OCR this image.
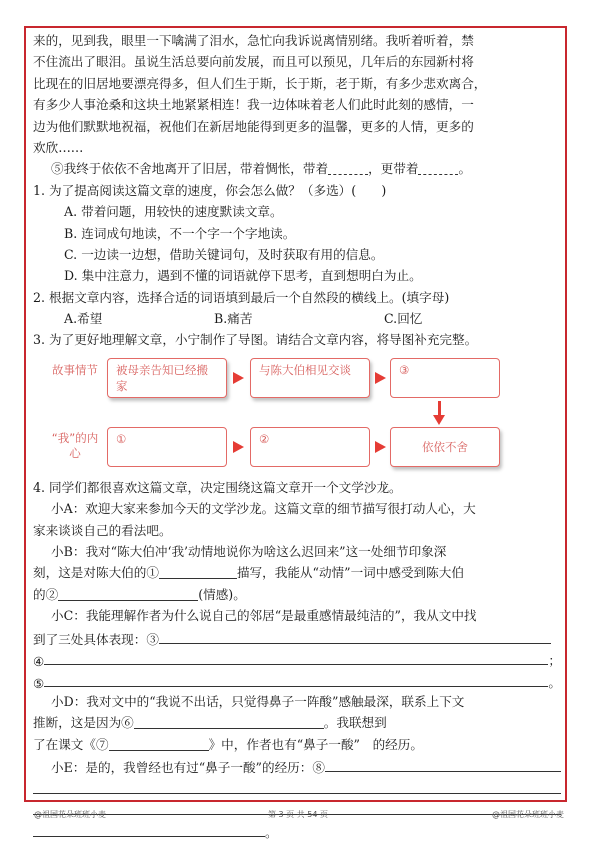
来的，见到我，眼里一下噙满了泪水，急忙向我诉说离情别绪。我听着听着，禁
不住流出了眼泪。虽说生活总要向前发展，而且可以预见，几年后的东园新村将
比现在的旧居地要漂亮得多，但人们生于斯，长于斯，老于斯，有多少悲欢离合，
有多少人事沧桑和这块土地紧紧相连！我一边体味着老人们此时此刻的感情，一
边为他们默默地祝福，祝他们在新居地能得到更多的温馨，更多的人情，更多的
欢欣……
⑤我终于依依不舍地离开了旧居，带着惆怅，带着	，更带着	。
1. 为了提高阅读这篇文章的速度，你会怎么做？（多选）(　　)
A. 带着问题，用较快的速度默读文章。
B. 连词成句地读，不一个字一个字地读。
C. 一边读一边想，借助关键词句，及时获取有用的信息。
D. 集中注意力，遇到不懂的词语就停下思考，直到想明白为止。
2. 根据文章内容，选择合适的词语填到最后一个自然段的横线上。(填字母)
A.希望	B.痛苦	C.回忆
3. 为了更好地理解文章，小宁制作了导图。请结合文章内容，将导图补充完整。
故事情节	被母亲告知已经搬家
与陈大伯相见交谈	③
“我”的内心
①	②
依依不舍
4. 同学们都很喜欢这篇文章，决定围绕这篇文章开一个文学沙龙。
小A：欢迎大家来参加今天的文学沙龙。这篇文章的细节描写很打动人心，大
家来谈谈自己的看法吧。
小B：我对“陈大伯冲‘我’动情地说你为啥这么迟回来”这一处细节印象深
刻，这是对陈大伯的①	描写，我能从“动情”一词中感受到陈大伯
的②	(情感)。
小C：我能理解作者为什么说自己的邻居“是最重感情最纯洁的”，我从文中找
到了三处具体表现：③
④	；
⑤	。
小D：我对文中的“我说不出话，只觉得鼻子一阵酸”感触最深，联系上下文
推断，这是因为⑥	。我联想到
了在课文《⑦	》中，作者也有“鼻子一酸”　的经历。
小E：是的，我曾经也有过“鼻子一酸”的经历：⑧
。
@祖国花朵班班小麦	第 3 页 共 54 页	@祖国花朵班班小麦
